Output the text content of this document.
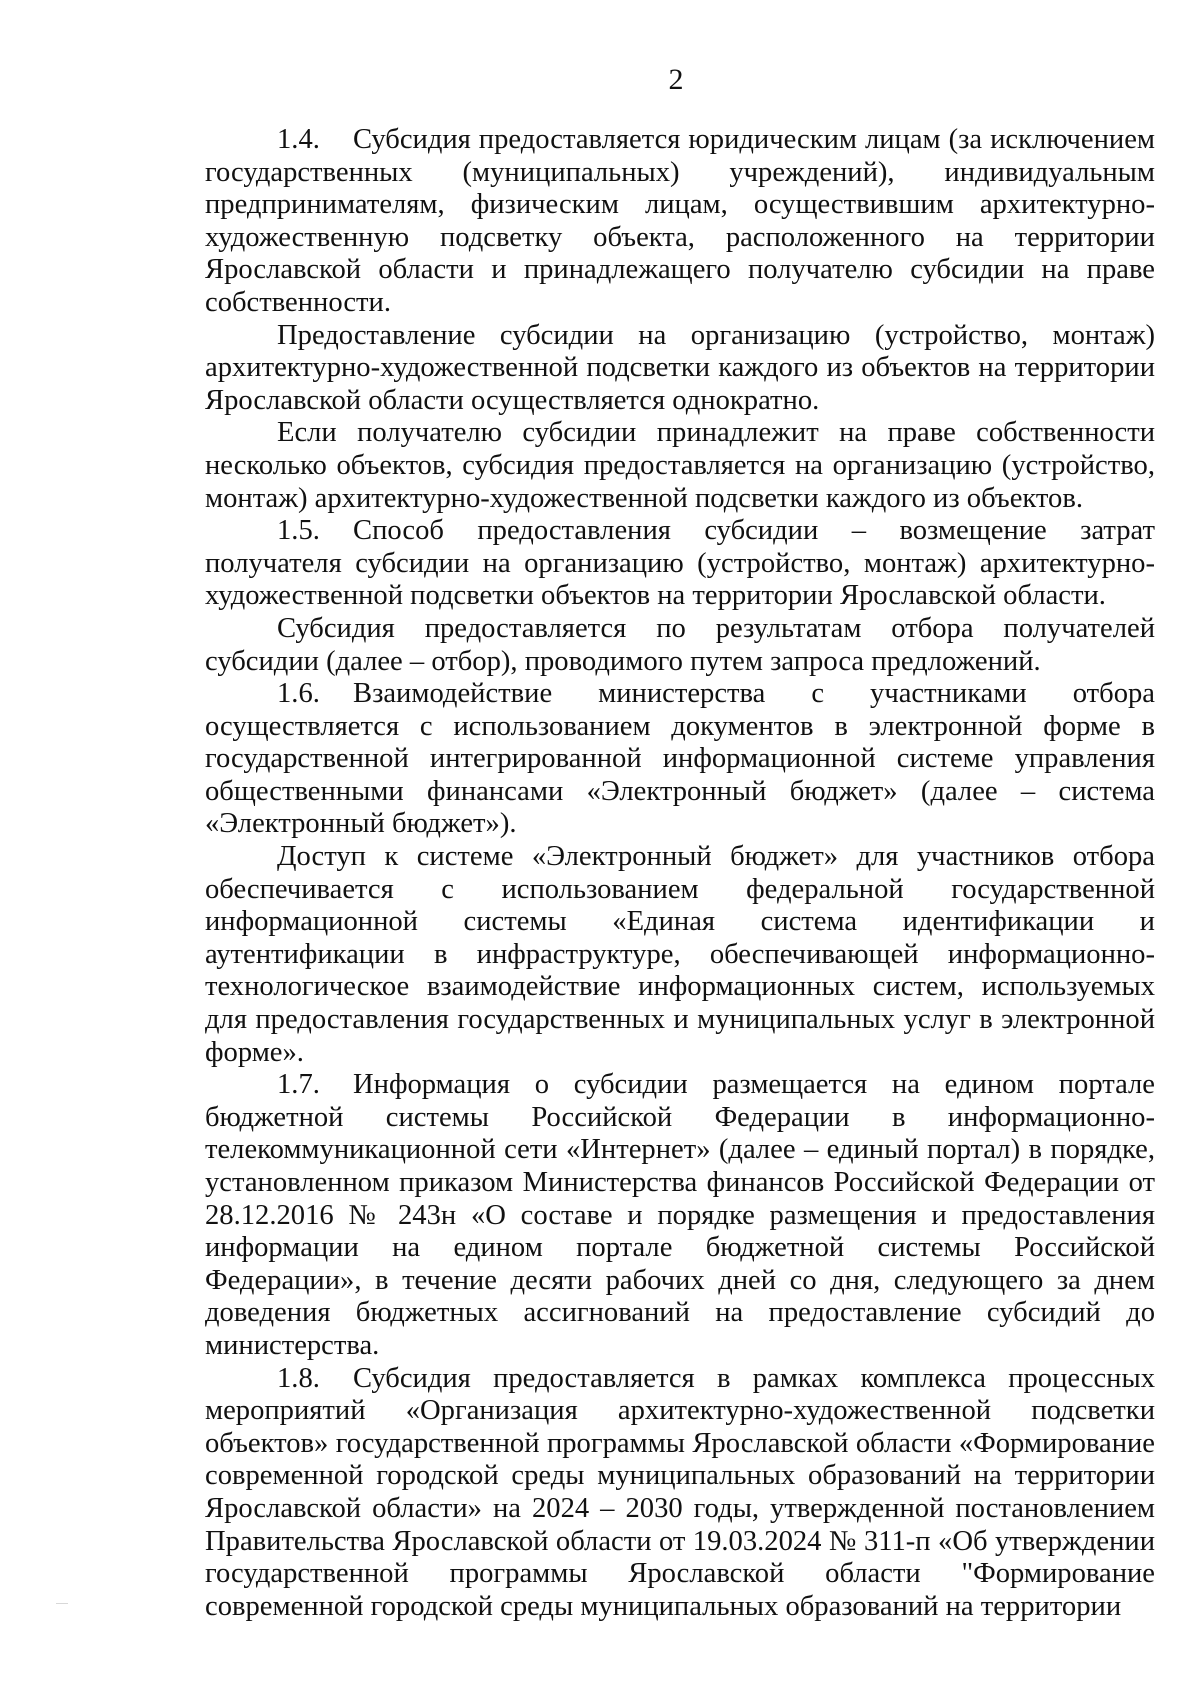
2

1.4. Субсидия предоставляется юридическим лицам (за исключением государственных (муниципальных) учреждений), индивидуальным предпринимателям, физическим лицам, осуществившим архитектурно-художественную подсветку объекта, расположенного на территории Ярославской области и принадлежащего получателю субсидии на праве собственности.

Предоставление субсидии на организацию (устройство, монтаж) архитектурно-художественной подсветки каждого из объектов на территории Ярославской области осуществляется однократно.

Если получателю субсидии принадлежит на праве собственности несколько объектов, субсидия предоставляется на организацию (устройство, монтаж) архитектурно-художественной подсветки каждого из объектов.

1.5. Способ предоставления субсидии – возмещение затрат получателя субсидии на организацию (устройство, монтаж) архитектурно-художественной подсветки объектов на территории Ярославской области.

Субсидия предоставляется по результатам отбора получателей субсидии (далее – отбор), проводимого путем запроса предложений.

1.6. Взаимодействие министерства с участниками отбора осуществляется с использованием документов в электронной форме в государственной интегрированной информационной системе управления общественными финансами «Электронный бюджет» (далее – система «Электронный бюджет»).

Доступ к системе «Электронный бюджет» для участников отбора обеспечивается с использованием федеральной государственной информационной системы «Единая система идентификации и аутентификации в инфраструктуре, обеспечивающей информационно-технологическое взаимодействие информационных систем, используемых для предоставления государственных и муниципальных услуг в электронной форме».

1.7. Информация о субсидии размещается на едином портале бюджетной системы Российской Федерации в информационно-телекоммуникационной сети «Интернет» (далее – единый портал) в порядке, установленном приказом Министерства финансов Российской Федерации от 28.12.2016 № 243н «О составе и порядке размещения и предоставления информации на едином портале бюджетной системы Российской Федерации», в течение десяти рабочих дней со дня, следующего за днем доведения бюджетных ассигнований на предоставление субсидий до министерства.

1.8. Субсидия предоставляется в рамках комплекса процессных мероприятий «Организация архитектурно-художественной подсветки объектов» государственной программы Ярославской области «Формирование современной городской среды муниципальных образований на территории Ярославской области» на 2024 – 2030 годы, утвержденной постановлением Правительства Ярославской области от 19.03.2024 № 311-п «Об утверждении государственной программы Ярославской области "Формирование современной городской среды муниципальных образований на территории
